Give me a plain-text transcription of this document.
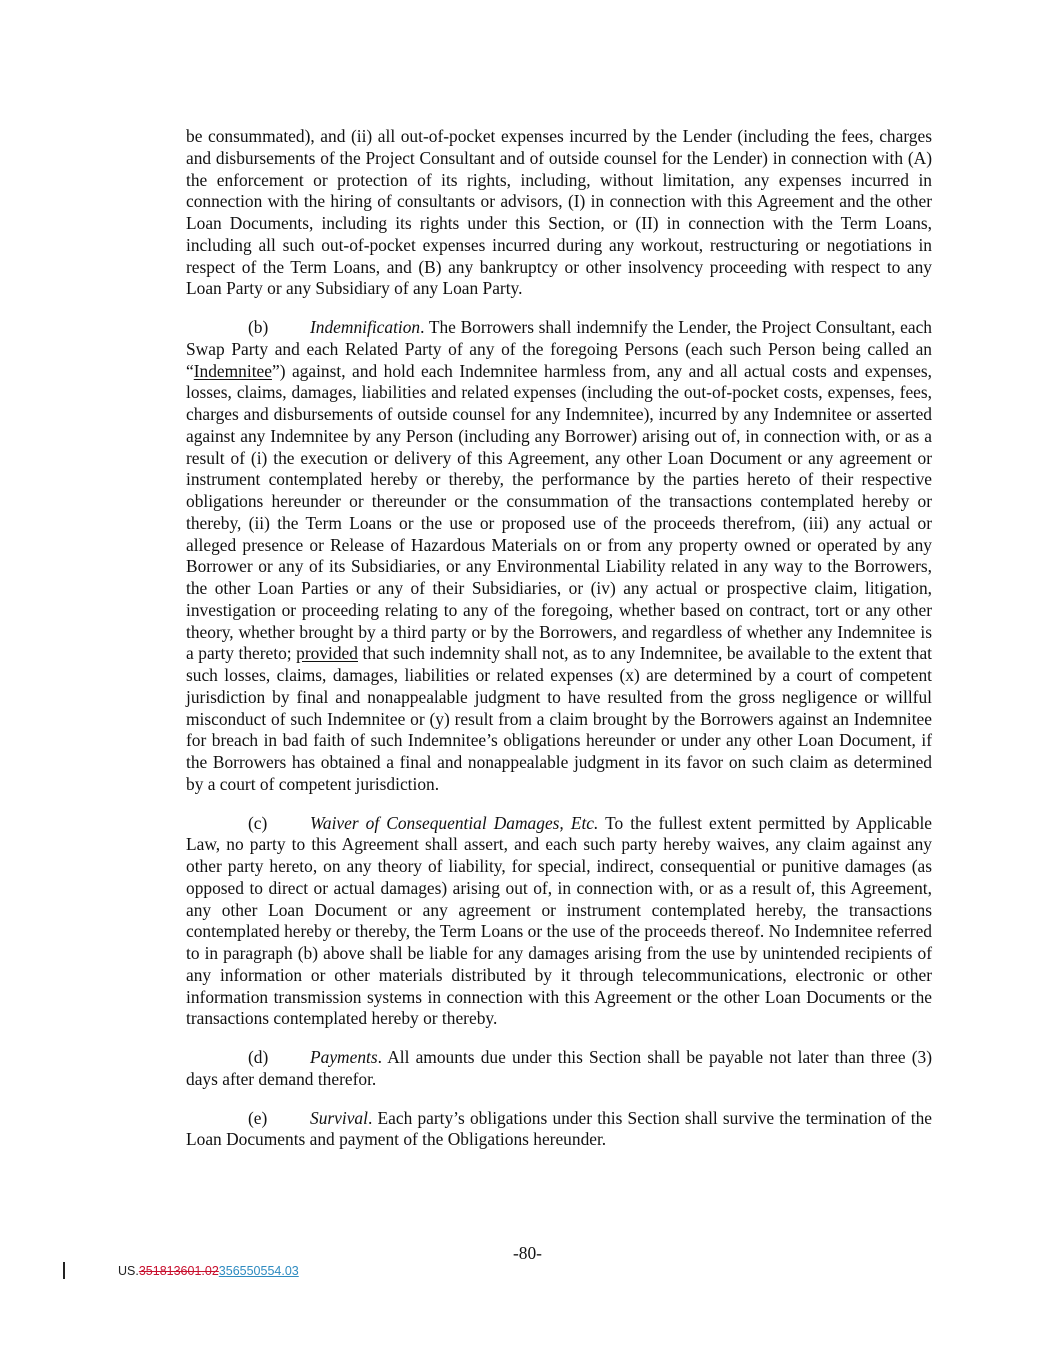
be consummated), and (ii) all out-of-pocket expenses incurred by the Lender (including the fees, charges and disbursements of the Project Consultant and of outside counsel for the Lender) in connection with (A) the enforcement or protection of its rights, including, without limitation, any expenses incurred in connection with the hiring of consultants or advisors, (I) in connection with this Agreement and the other Loan Documents, including its rights under this Section, or (II) in connection with the Term Loans, including all such out-of-pocket expenses incurred during any workout, restructuring or negotiations in respect of the Term Loans, and (B) any bankruptcy or other insolvency proceeding with respect to any Loan Party or any Subsidiary of any Loan Party.

(b) Indemnification. The Borrowers shall indemnify the Lender, the Project Consultant, each Swap Party and each Related Party of any of the foregoing Persons (each such Person being called an “Indemnitee”) against, and hold each Indemnitee harmless from, any and all actual costs and expenses, losses, claims, damages, liabilities and related expenses (including the out-of-pocket costs, expenses, fees, charges and disbursements of outside counsel for any Indemnitee), incurred by any Indemnitee or asserted against any Indemnitee by any Person (including any Borrower) arising out of, in connection with, or as a result of (i) the execution or delivery of this Agreement, any other Loan Document or any agreement or instrument contemplated hereby or thereby, the performance by the parties hereto of their respective obligations hereunder or thereunder or the consummation of the transactions contemplated hereby or thereby, (ii) the Term Loans or the use or proposed use of the proceeds therefrom, (iii) any actual or alleged presence or Release of Hazardous Materials on or from any property owned or operated by any Borrower or any of its Subsidiaries, or any Environmental Liability related in any way to the Borrowers, the other Loan Parties or any of their Subsidiaries, or (iv) any actual or prospective claim, litigation, investigation or proceeding relating to any of the foregoing, whether based on contract, tort or any other theory, whether brought by a third party or by the Borrowers, and regardless of whether any Indemnitee is a party thereto; provided that such indemnity shall not, as to any Indemnitee, be available to the extent that such losses, claims, damages, liabilities or related expenses (x) are determined by a court of competent jurisdiction by final and nonappealable judgment to have resulted from the gross negligence or willful misconduct of such Indemnitee or (y) result from a claim brought by the Borrowers against an Indemnitee for breach in bad faith of such Indemnitee’s obligations hereunder or under any other Loan Document, if the Borrowers has obtained a final and nonappealable judgment in its favor on such claim as determined by a court of competent jurisdiction.

(c) Waiver of Consequential Damages, Etc. To the fullest extent permitted by Applicable Law, no party to this Agreement shall assert, and each such party hereby waives, any claim against any other party hereto, on any theory of liability, for special, indirect, consequential or punitive damages (as opposed to direct or actual damages) arising out of, in connection with, or as a result of, this Agreement, any other Loan Document or any agreement or instrument contemplated hereby, the transactions contemplated hereby or thereby, the Term Loans or the use of the proceeds thereof. No Indemnitee referred to in paragraph (b) above shall be liable for any damages arising from the use by unintended recipients of any information or other materials distributed by it through telecommunications, electronic or other information transmission systems in connection with this Agreement or the other Loan Documents or the transactions contemplated hereby or thereby.

(d) Payments. All amounts due under this Section shall be payable not later than three (3) days after demand therefor.

(e) Survival. Each party’s obligations under this Section shall survive the termination of the Loan Documents and payment of the Obligations hereunder.

-80-
US.351813601.02356550554.03
